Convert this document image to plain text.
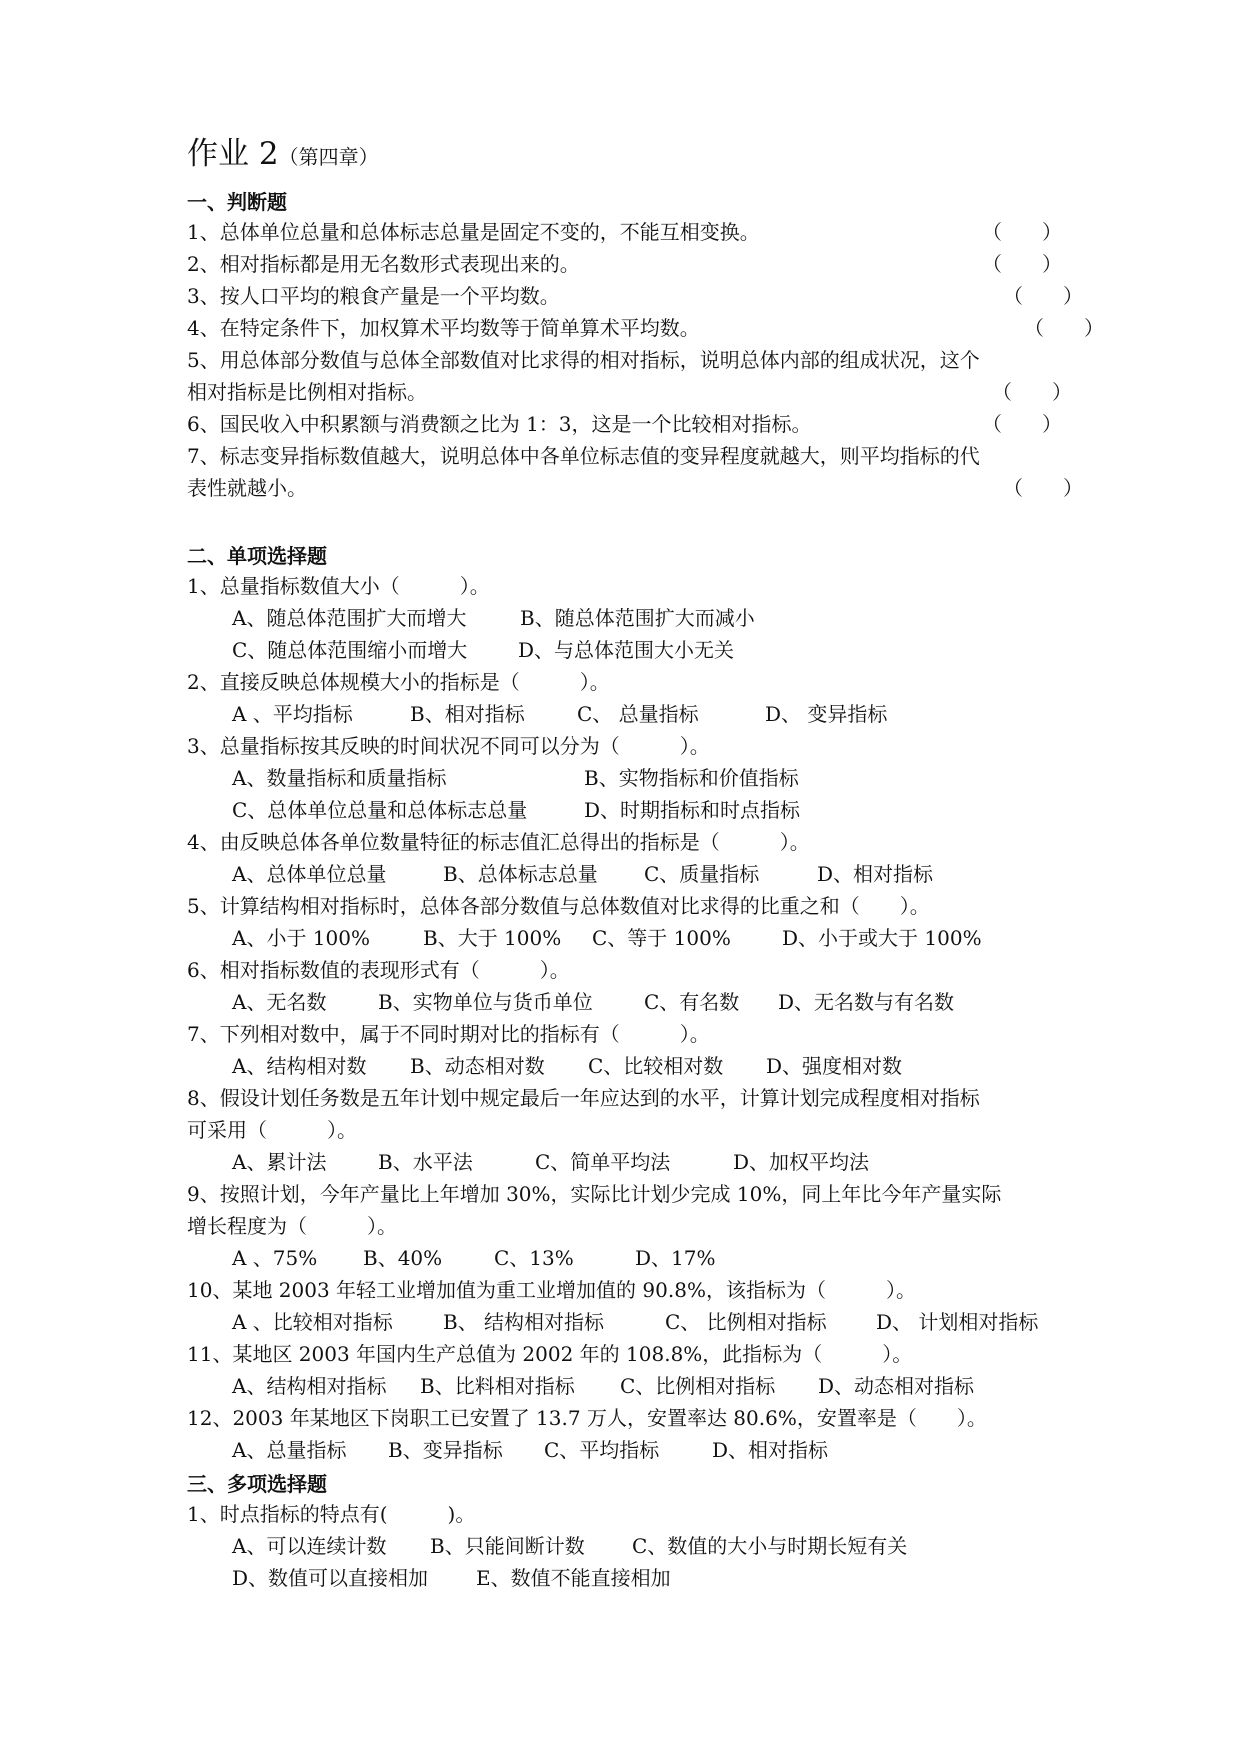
作业 2（第四章）
一、判断题
1、总体单位总量和总体标志总量是固定不变的，不能互相变换。	（　　）
2、相对指标都是用无名数形式表现出来的。	（　　）
3、按人口平均的粮食产量是一个平均数。	（　　）
4、在特定条件下，加权算术平均数等于简单算术平均数。	（　　）
5、用总体部分数值与总体全部数值对比求得的相对指标，说明总体内部的组成状况，这个
相对指标是比例相对指标。	（　　）
6、国民收入中积累额与消费额之比为 1：3，这是一个比较相对指标。	（　　）
7、标志变异指标数值越大，说明总体中各单位标志值的变异程度就越大，则平均指标的代
表性就越小。	（　　）
二、单项选择题
1、总量指标数值大小（　　　）。
A、随总体范围扩大而增大	B、随总体范围扩大而减小
C、随总体范围缩小而增大	D、与总体范围大小无关
2、直接反映总体规模大小的指标是（　　　）。
A 、平均指标	B、相对指标	C、 总量指标	D、 变异指标
3、总量指标按其反映的时间状况不同可以分为（　　　）。
A、数量指标和质量指标	B、实物指标和价值指标
C、总体单位总量和总体标志总量	D、时期指标和时点指标
4、由反映总体各单位数量特征的标志值汇总得出的指标是（　　　）。
A、总体单位总量	B、总体标志总量 C、质量指标	D、相对指标
5、计算结构相对指标时，总体各部分数值与总体数值对比求得的比重之和（　　）。
A、小于 100%	B、大于 100% C、等于 100%	D、小于或大于 100%
6、相对指标数值的表现形式有（　　　）。
A、无名数	B、实物单位与货币单位	C、有名数 D、无名数与有名数
7、下列相对数中，属于不同时期对比的指标有（　　　）。
A、结构相对数 B、动态相对数 C、比较相对数 D、强度相对数
8、假设计划任务数是五年计划中规定最后一年应达到的水平，计算计划完成程度相对指标
可采用（　　　）。
A、累计法	B、水平法	C、简单平均法	D、加权平均法
9、按照计划，今年产量比上年增加 30%，实际比计划少完成 10%，同上年比今年产量实际
增长程度为（　　　）。
A 、75% B、40%	C、13%	D、17%
10、某地 2003 年轻工业增加值为重工业增加值的 90.8%，该指标为（　　　）。
A 、比较相对指标	B、 结构相对指标	C、 比例相对指标 D、 计划相对指标
11、某地区 2003 年国内生产总值为 2002 年的 108.8%，此指标为（　　　）。
A、结构相对指标 B、比料相对指标 C、比例相对指标 D、动态相对指标
12、2003 年某地区下岗职工已安置了 13.7 万人，安置率达 80.6%，安置率是（　　）。
A、总量指标 B、变异指标 C、平均指标	D、相对指标
三、多项选择题
1、时点指标的特点有(　　　)。
A、可以连续计数 B、只能间断计数 C、数值的大小与时期长短有关
D、数值可以直接相加 E、数值不能直接相加
